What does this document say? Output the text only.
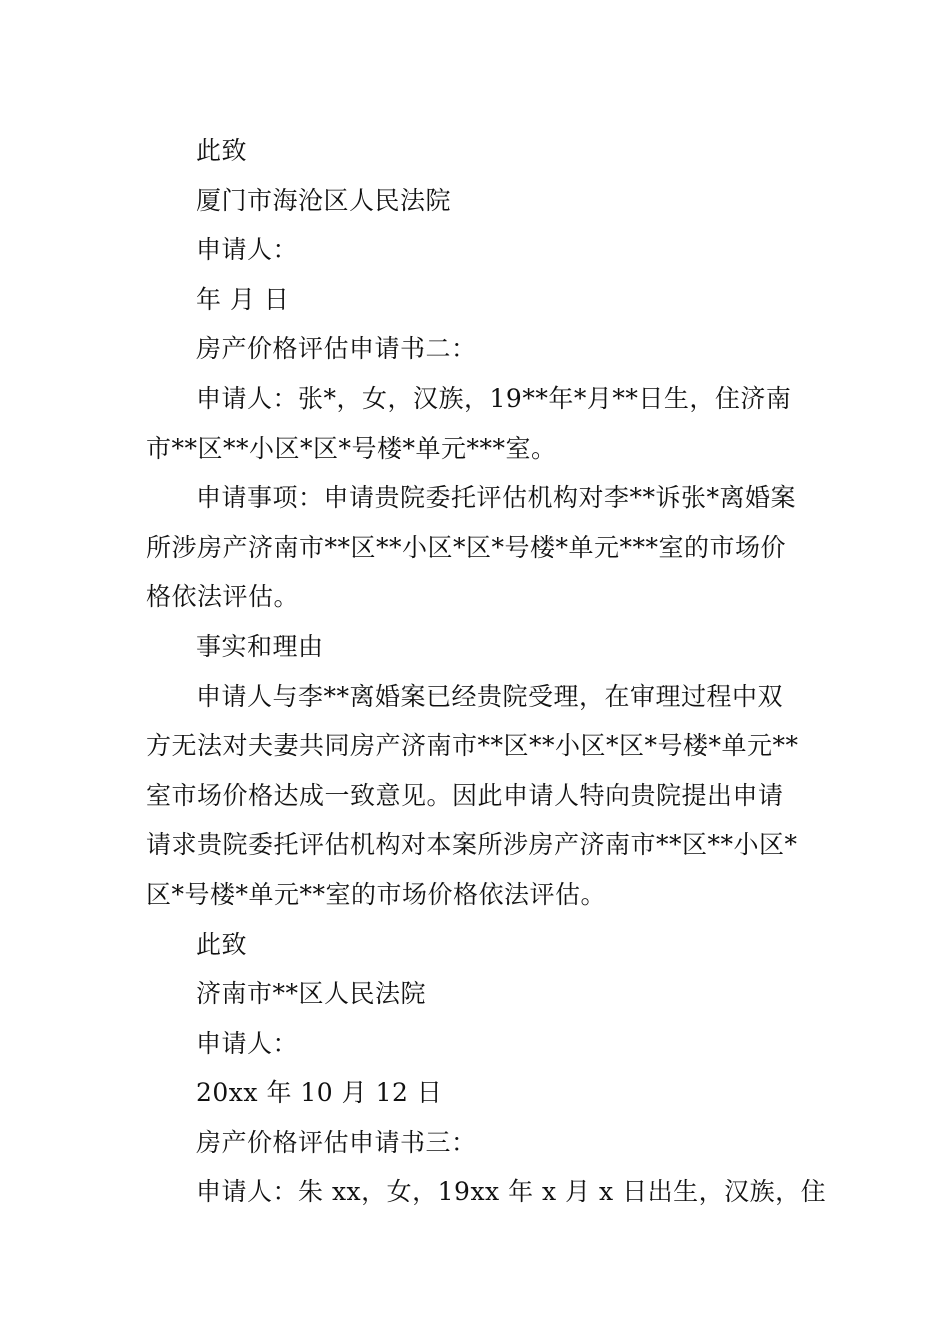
此致
厦门市海沧区人民法院
申请人：
年 月 日
房产价格评估申请书二：
申请人：张*，女，汉族，19**年*月**日生，住济南
市**区**小区*区*号楼*单元***室。
申请事项：申请贵院委托评估机构对李**诉张*离婚案
所涉房产济南市**区**小区*区*号楼*单元***室的市场价
格依法评估。
事实和理由
申请人与李**离婚案已经贵院受理，在审理过程中双
方无法对夫妻共同房产济南市**区**小区*区*号楼*单元**
室市场价格达成一致意见。因此申请人特向贵院提出申请
请求贵院委托评估机构对本案所涉房产济南市**区**小区*
区*号楼*单元**室的市场价格依法评估。
此致
济南市**区人民法院
申请人：
20xx 年 10 月 12 日
房产价格评估申请书三：
申请人：朱 xx，女，19xx 年 x 月 x 日出生，汉族，住
